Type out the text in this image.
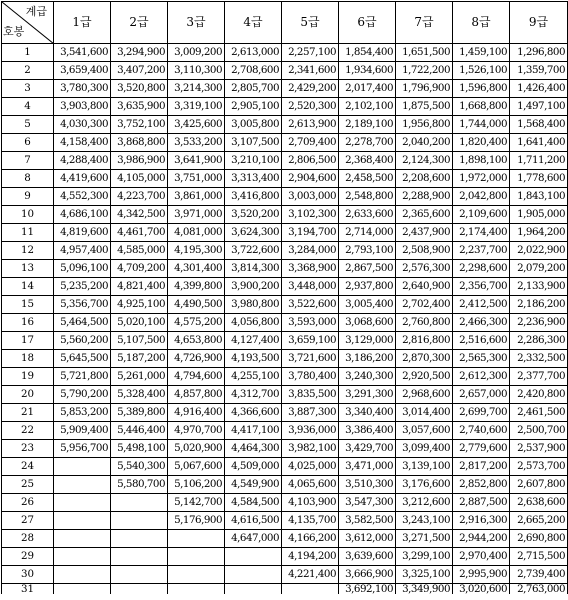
계급
호봉	1급	2급	3급	4급	5급	6급	7급	8급	9급
1	3,541,600	3,294,900	3,009,200	2,613,000	2,257,100	1,854,400	1,651,500	1,459,100	1,296,800
2	3,659,400	3,407,200	3,110,300	2,708,600	2,341,600	1,934,600	1,722,200	1,526,100	1,359,700
3	3,780,300	3,520,800	3,214,300	2,805,700	2,429,200	2,017,400	1,796,900	1,596,800	1,426,400
4	3,903,800	3,635,900	3,319,100	2,905,100	2,520,300	2,102,100	1,875,500	1,668,800	1,497,100
5	4,030,300	3,752,100	3,425,600	3,005,800	2,613,900	2,189,100	1,956,800	1,744,000	1,568,400
6	4,158,400	3,868,800	3,533,200	3,107,500	2,709,400	2,278,700	2,040,200	1,820,400	1,641,400
7	4,288,400	3,986,900	3,641,900	3,210,100	2,806,500	2,368,400	2,124,300	1,898,100	1,711,200
8	4,419,600	4,105,000	3,751,000	3,313,400	2,904,600	2,458,500	2,208,600	1,972,000	1,778,600
9	4,552,300	4,223,700	3,861,000	3,416,800	3,003,000	2,548,800	2,288,900	2,042,800	1,843,100
10	4,686,100	4,342,500	3,971,000	3,520,200	3,102,300	2,633,600	2,365,600	2,109,600	1,905,000
11	4,819,600	4,461,700	4,081,000	3,624,300	3,194,700	2,714,000	2,437,900	2,174,400	1,964,200
12	4,957,400	4,585,000	4,195,300	3,722,600	3,284,000	2,793,100	2,508,900	2,237,700	2,022,900
13	5,096,100	4,709,200	4,301,400	3,814,300	3,368,900	2,867,500	2,576,300	2,298,600	2,079,200
14	5,235,200	4,821,400	4,399,800	3,900,200	3,448,000	2,937,800	2,640,900	2,356,700	2,133,900
15	5,356,700	4,925,100	4,490,500	3,980,800	3,522,600	3,005,400	2,702,400	2,412,500	2,186,200
16	5,464,500	5,020,100	4,575,200	4,056,800	3,593,000	3,068,600	2,760,800	2,466,300	2,236,900
17	5,560,200	5,107,500	4,653,800	4,127,400	3,659,100	3,129,000	2,816,800	2,516,600	2,286,300
18	5,645,500	5,187,200	4,726,900	4,193,500	3,721,600	3,186,200	2,870,300	2,565,300	2,332,500
19	5,721,800	5,261,000	4,794,600	4,255,100	3,780,400	3,240,300	2,920,500	2,612,300	2,377,700
20	5,790,200	5,328,400	4,857,800	4,312,700	3,835,500	3,291,300	2,968,600	2,657,000	2,420,800
21	5,853,200	5,389,800	4,916,400	4,366,600	3,887,300	3,340,400	3,014,400	2,699,700	2,461,500
22	5,909,400	5,446,400	4,970,700	4,417,100	3,936,000	3,386,400	3,057,600	2,740,600	2,500,700
23	5,956,700	5,498,100	5,020,900	4,464,300	3,982,100	3,429,700	3,099,400	2,779,600	2,537,900
24		5,540,300	5,067,600	4,509,000	4,025,000	3,471,000	3,139,100	2,817,200	2,573,700
25		5,580,700	5,106,200	4,549,900	4,065,600	3,510,300	3,176,600	2,852,800	2,607,800
26			5,142,700	4,584,500	4,103,900	3,547,300	3,212,600	2,887,500	2,638,600
27			5,176,900	4,616,500	4,135,700	3,582,500	3,243,100	2,916,300	2,665,200
28				4,647,000	4,166,200	3,612,000	3,271,500	2,944,200	2,690,800
29					4,194,200	3,639,600	3,299,100	2,970,400	2,715,500
30					4,221,400	3,666,900	3,325,100	2,995,900	2,739,400
31						3,692,100	3,349,900	3,020,600	2,763,000
